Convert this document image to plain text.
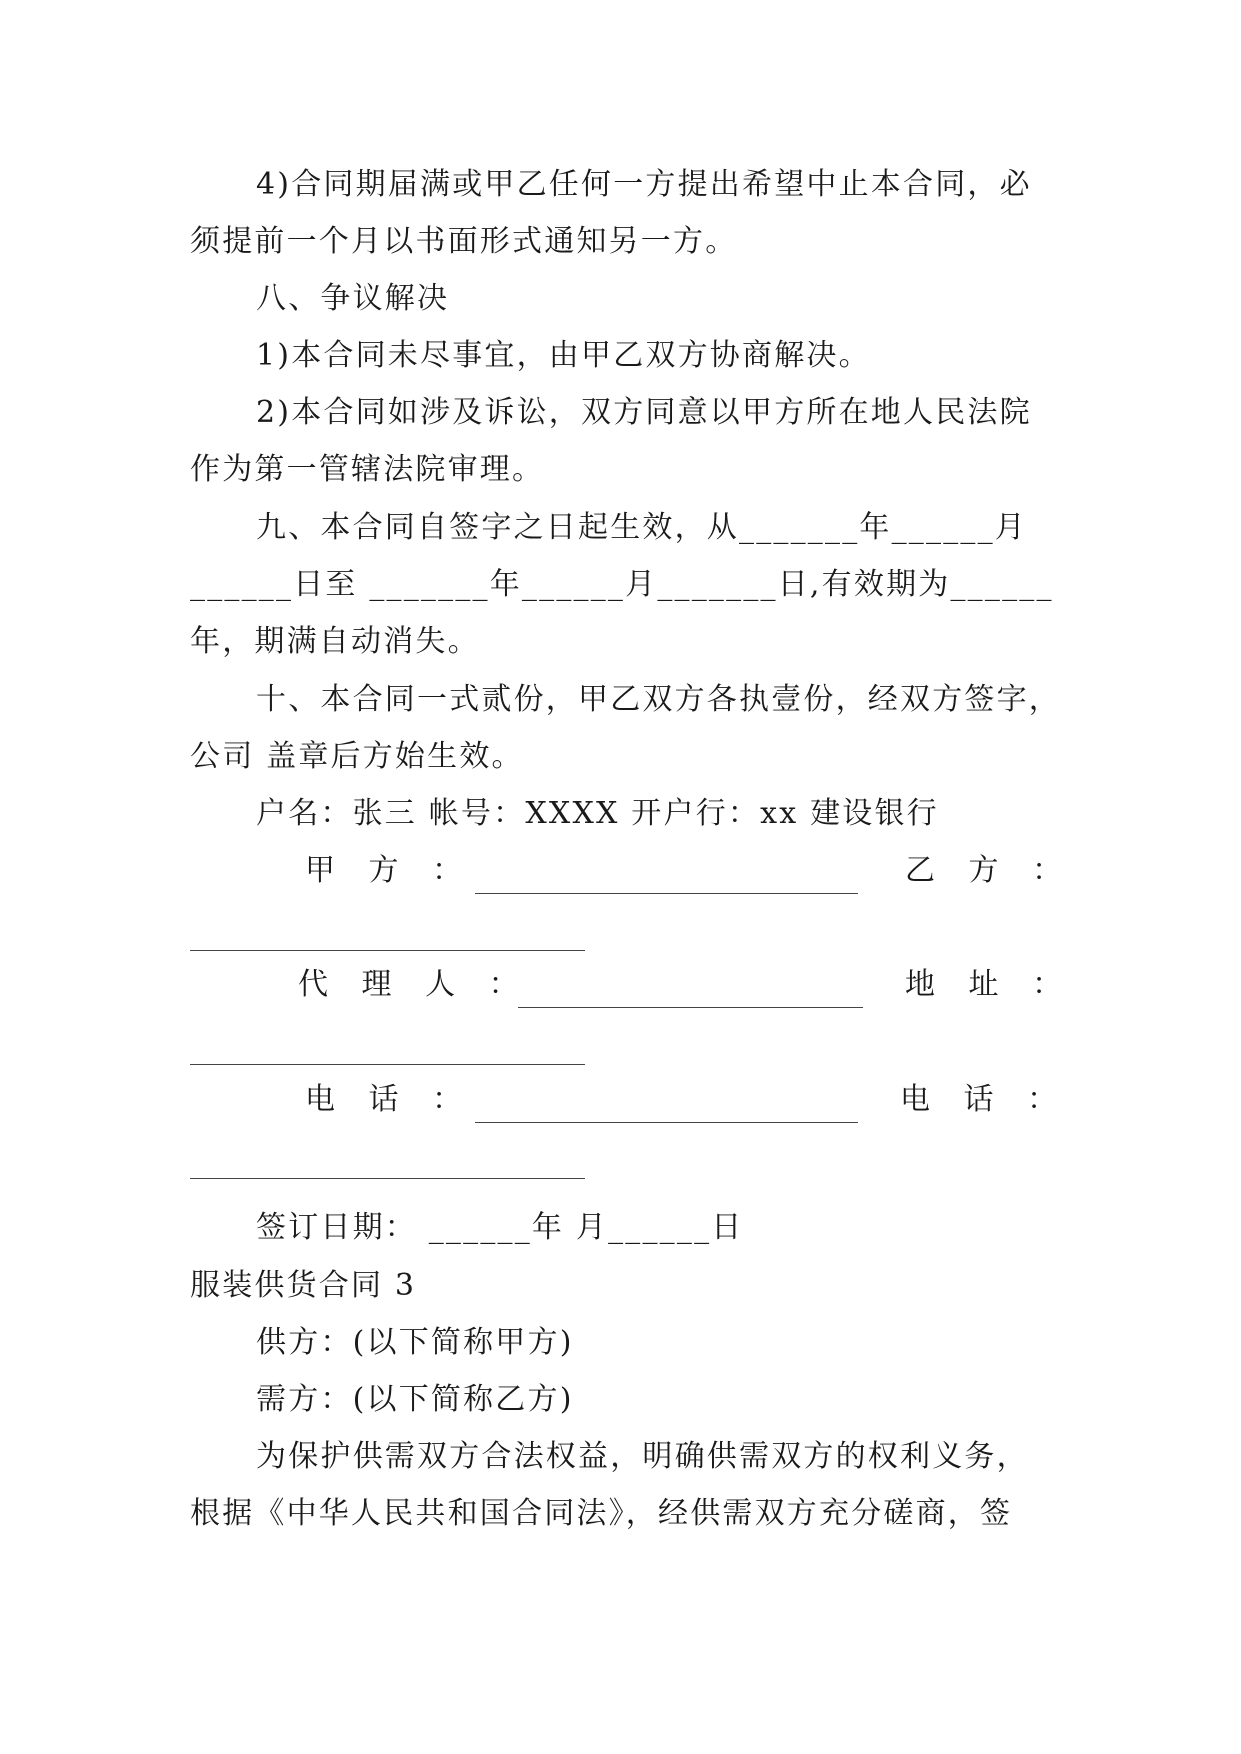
4)合同期届满或甲乙任何一方提出希望中止本合同，必
须提前一个月以书面形式通知另一方。
八、争议解决
1)本合同未尽事宜，由甲乙双方协商解决。
2)本合同如涉及诉讼，双方同意以甲方所在地人民法院
作为第一管辖法院审理。
九、本合同自签字之日起生效，从_______年______月
______日至 _______年______月_______日,有效期为______
年，期满自动消失。
十、本合同一式贰份，甲乙双方各执壹份，经双方签字，
公司 盖章后方始生效。
户名：张三 帐号：XXXX 开户行：xx 建设银行
甲 方 ：	乙 方 ：
代 理 人 ：	地 址 ：
电 话 ：	电 话 ：
签订日期： ______年 月______日
服装供货合同 3
供方：(以下简称甲方)
需方：(以下简称乙方)
为保护供需双方合法权益，明确供需双方的权利义务，
根据《中华人民共和国合同法》，经供需双方充分磋商，签
